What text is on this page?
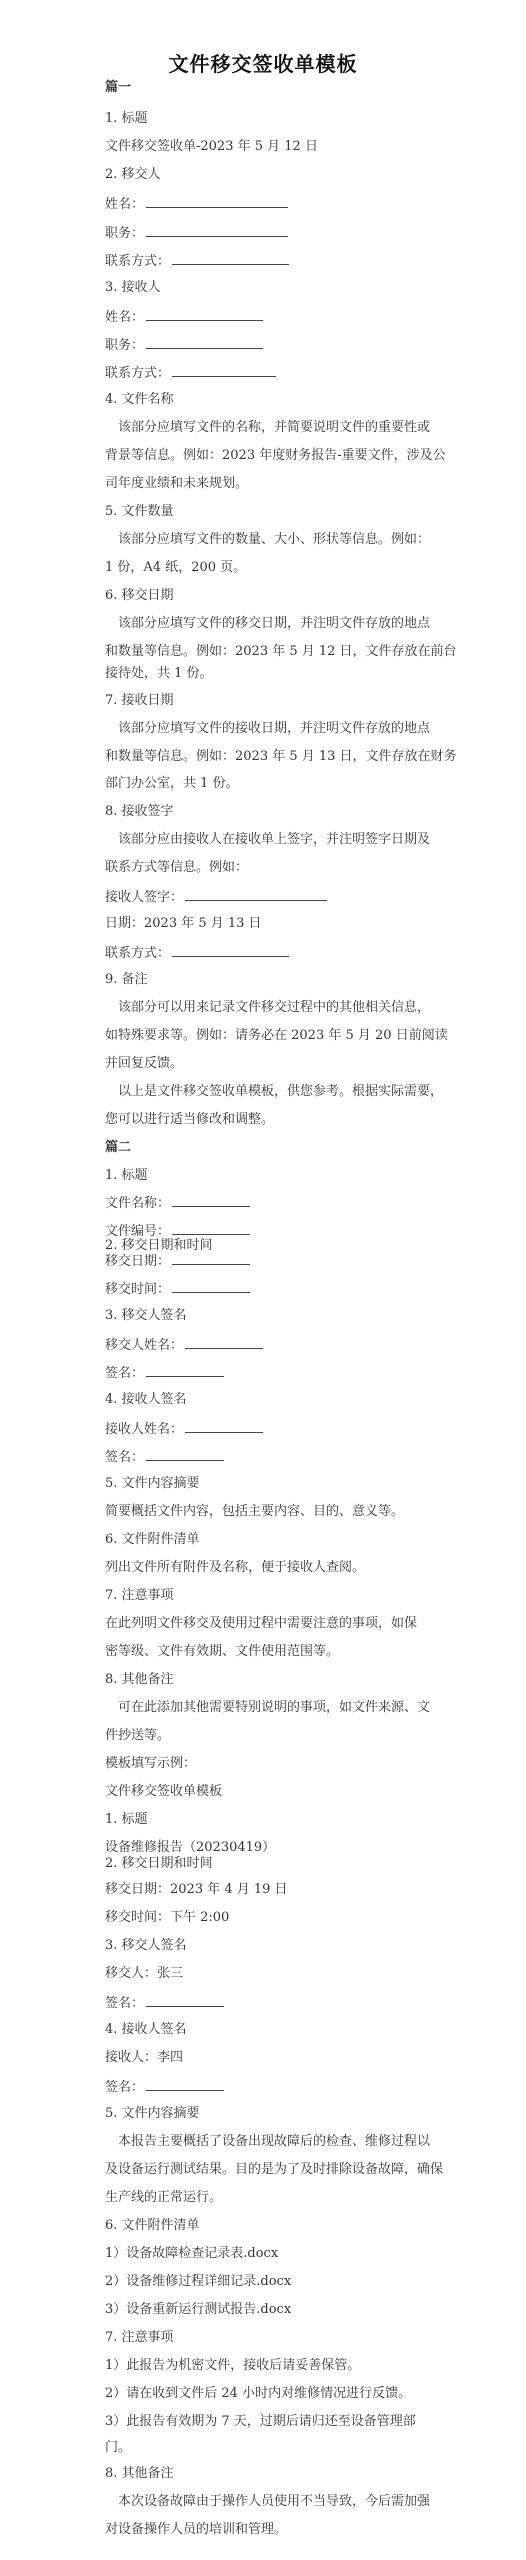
文件移交签收单模板
篇一
1. 标题
文件移交签收单-2023 年 5 月 12 日
2. 移交人
姓名：
职务：
联系方式：
3. 接收人
姓名：
职务：
联系方式：
4. 文件名称
该部分应填写文件的名称，并简要说明文件的重要性或
背景等信息。例如：2023 年度财务报告-重要文件，涉及公
司年度业绩和未来规划。
5. 文件数量
该部分应填写文件的数量、大小、形状等信息。例如：
1 份，A4 纸，200 页。
6. 移交日期
该部分应填写文件的移交日期，并注明文件存放的地点
和数量等信息。例如：2023 年 5 月 12 日，文件存放在前台
接待处，共 1 份。
7. 接收日期
该部分应填写文件的接收日期，并注明文件存放的地点
和数量等信息。例如：2023 年 5 月 13 日，文件存放在财务
部门办公室，共 1 份。
8. 接收签字
该部分应由接收人在接收单上签字，并注明签字日期及
联系方式等信息。例如：
接收人签字：
日期：2023 年 5 月 13 日
联系方式：
9. 备注
该部分可以用来记录文件移交过程中的其他相关信息，
如特殊要求等。例如：请务必在 2023 年 5 月 20 日前阅读
并回复反馈。
以上是文件移交签收单模板，供您参考。根据实际需要，
您可以进行适当修改和调整。
篇二
1. 标题
文件名称：
文件编号：
2. 移交日期和时间
移交日期：
移交时间：
3. 移交人签名
移交人姓名：
签名：
4. 接收人签名
接收人姓名：
签名：
5. 文件内容摘要
简要概括文件内容，包括主要内容、目的、意义等。
6. 文件附件清单
列出文件所有附件及名称，便于接收人查阅。
7. 注意事项
在此列明文件移交及使用过程中需要注意的事项，如保
密等级、文件有效期、文件使用范围等。
8. 其他备注
可在此添加其他需要特别说明的事项，如文件来源、文
件抄送等。
模板填写示例：
文件移交签收单模板
1. 标题
设备维修报告（20230419）
2. 移交日期和时间
移交日期：2023 年 4 月 19 日
移交时间：下午 2:00
3. 移交人签名
移交人：张三
签名：
4. 接收人签名
接收人：李四
签名：
5. 文件内容摘要
本报告主要概括了设备出现故障后的检查、维修过程以
及设备运行测试结果。目的是为了及时排除设备故障，确保
生产线的正常运行。
6. 文件附件清单
1）设备故障检查记录表.docx
2）设备维修过程详细记录.docx
3）设备重新运行测试报告.docx
7. 注意事项
1）此报告为机密文件，接收后请妥善保管。
2）请在收到文件后 24 小时内对维修情况进行反馈。
3）此报告有效期为 7 天，过期后请归还至设备管理部
门。
8. 其他备注
本次设备故障由于操作人员使用不当导致，今后需加强
对设备操作人员的培训和管理。
